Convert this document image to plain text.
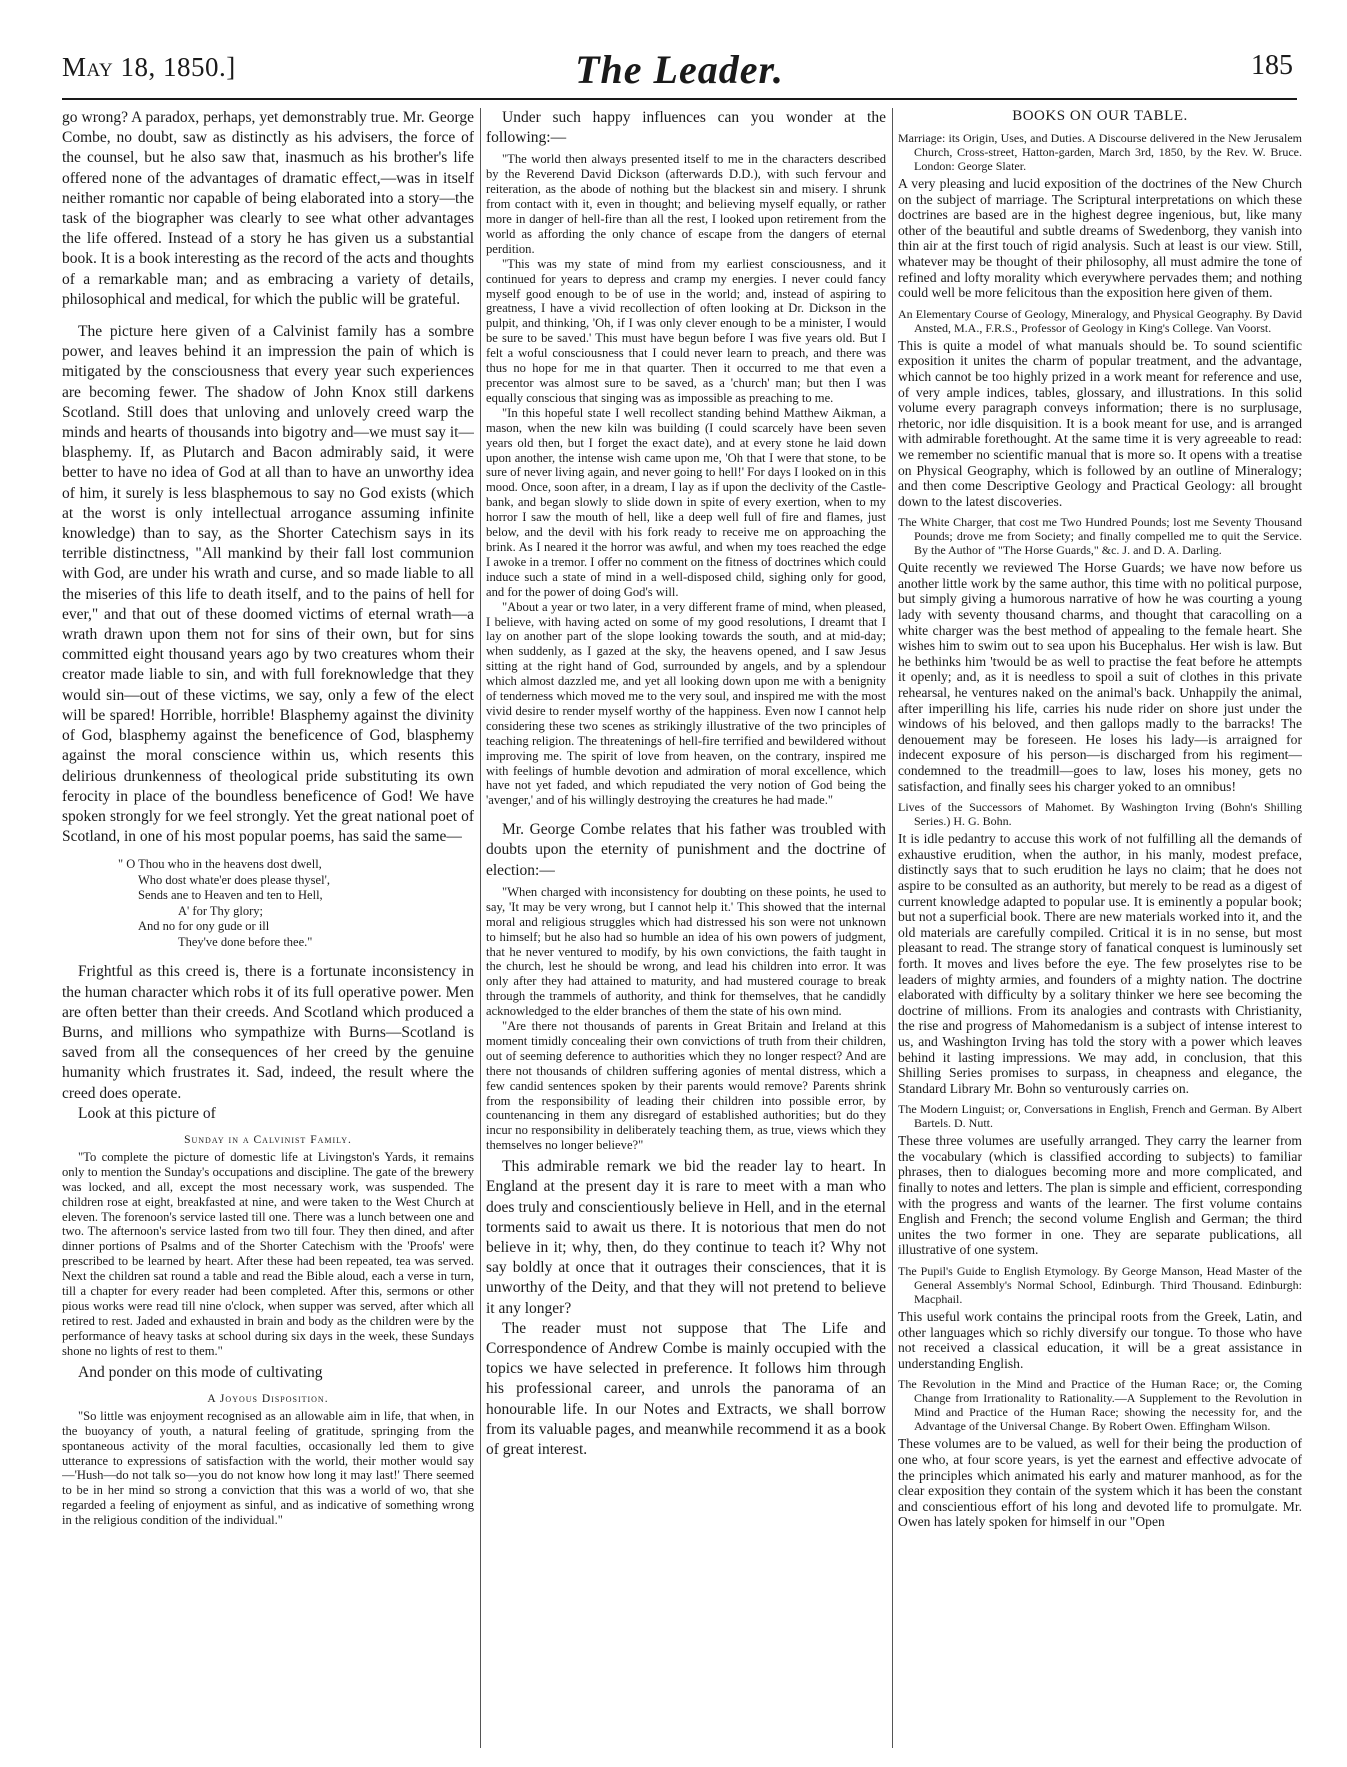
May 18, 1850.]	The Leader.	185

go wrong? A paradox, perhaps, yet demonstrably true. Mr. George Combe, no doubt, saw as distinctly as his advisers, the force of the counsel, but he also saw that, inasmuch as his brother's life offered none of the advantages of dramatic effect,—was in itself neither romantic nor capable of being elaborated into a story—the task of the biographer was clearly to see what other advantages the life offered. Instead of a story he has given us a substantial book. It is a book interesting as the record of the acts and thoughts of a remarkable man; and as embracing a variety of details, philosophical and medical, for which the public will be grateful.

The picture here given of a Calvinist family has a sombre power, and leaves behind it an impression the pain of which is mitigated by the consciousness that every year such experiences are becoming fewer. The shadow of John Knox still darkens Scotland. Still does that unloving and unlovely creed warp the minds and hearts of thousands into bigotry and—we must say it—blasphemy. If, as Plutarch and Bacon admirably said, it were better to have no idea of God at all than to have an unworthy idea of him, it surely is less blasphemous to say no God exists (which at the worst is only intellectual arrogance assuming infinite knowledge) than to say, as the Shorter Catechism says in its terrible distinctness, "All mankind by their fall lost communion with God, are under his wrath and curse, and so made liable to all the miseries of this life to death itself, and to the pains of hell for ever," and that out of these doomed victims of eternal wrath—a wrath drawn upon them not for sins of their own, but for sins committed eight thousand years ago by two creatures whom their creator made liable to sin, and with full foreknowledge that they would sin—out of these victims, we say, only a few of the elect will be spared! Horrible, horrible! Blasphemy against the divinity of God, blasphemy against the beneficence of God, blasphemy against the moral conscience within us, which resents this delirious drunkenness of theological pride substituting its own ferocity in place of the boundless beneficence of God! We have spoken strongly for we feel strongly. Yet the great national poet of Scotland, in one of his most popular poems, has said the same—

" O Thou who in the heavens dost dwell,
Who dost whate'er does please thysel',
Sends ane to Heaven and ten to Hell,
A' for Thy glory;
And no for ony gude or ill
They've done before thee."

Frightful as this creed is, there is a fortunate inconsistency in the human character which robs it of its full operative power. Men are often better than their creeds. And Scotland which produced a Burns, and millions who sympathize with Burns—Scotland is saved from all the consequences of her creed by the genuine humanity which frustrates it. Sad, indeed, the result where the creed does operate.

Look at this picture of

Sunday in a Calvinist Family.

"To complete the picture of domestic life at Livingston's Yards, it remains only to mention the Sunday's occupations and discipline. The gate of the brewery was locked, and all, except the most necessary work, was suspended. The children rose at eight, breakfasted at nine, and were taken to the West Church at eleven. The forenoon's service lasted till one. There was a lunch between one and two. The afternoon's service lasted from two till four. They then dined, and after dinner portions of Psalms and of the Shorter Catechism with the 'Proofs' were prescribed to be learned by heart. After these had been repeated, tea was served. Next the children sat round a table and read the Bible aloud, each a verse in turn, till a chapter for every reader had been completed. After this, sermons or other pious works were read till nine o'clock, when supper was served, after which all retired to rest. Jaded and exhausted in brain and body as the children were by the performance of heavy tasks at school during six days in the week, these Sundays shone no lights of rest to them."

And ponder on this mode of cultivating

A Joyous Disposition.

"So little was enjoyment recognised as an allowable aim in life, that when, in the buoyancy of youth, a natural feeling of gratitude, springing from the spontaneous activity of the moral faculties, occasionally led them to give utterance to expressions of satisfaction with the world, their mother would say—'Hush—do not talk so—you do not know how long it may last!' There seemed to be in her mind so strong a conviction that this was a world of wo, that she regarded a feeling of enjoyment as sinful, and as indicative of something wrong in the religious condition of the individual."

Under such happy influences can you wonder at the following:—

"The world then always presented itself to me in the characters described by the Reverend David Dickson (afterwards D.D.), with such fervour and reiteration, as the abode of nothing but the blackest sin and misery. I shrunk from contact with it, even in thought; and believing myself equally, or rather more in danger of hell-fire than all the rest, I looked upon retirement from the world as affording the only chance of escape from the dangers of eternal perdition.

"This was my state of mind from my earliest consciousness, and it continued for years to depress and cramp my energies. I never could fancy myself good enough to be of use in the world; and, instead of aspiring to greatness, I have a vivid recollection of often looking at Dr. Dickson in the pulpit, and thinking, 'Oh, if I was only clever enough to be a minister, I would be sure to be saved.' This must have begun before I was five years old. But I felt a woful consciousness that I could never learn to preach, and there was thus no hope for me in that quarter. Then it occurred to me that even a precentor was almost sure to be saved, as a 'church' man; but then I was equally conscious that singing was as impossible as preaching to me.

"In this hopeful state I well recollect standing behind Matthew Aikman, a mason, when the new kiln was building (I could scarcely have been seven years old then, but I forget the exact date), and at every stone he laid down upon another, the intense wish came upon me, 'Oh that I were that stone, to be sure of never living again, and never going to hell!' For days I looked on in this mood. Once, soon after, in a dream, I lay as if upon the declivity of the Castle-bank, and began slowly to slide down in spite of every exertion, when to my horror I saw the mouth of hell, like a deep well full of fire and flames, just below, and the devil with his fork ready to receive me on approaching the brink. As I neared it the horror was awful, and when my toes reached the edge I awoke in a tremor. I offer no comment on the fitness of doctrines which could induce such a state of mind in a well-disposed child, sighing only for good, and for the power of doing God's will.

"About a year or two later, in a very different frame of mind, when pleased, I believe, with having acted on some of my good resolutions, I dreamt that I lay on another part of the slope looking towards the south, and at mid-day; when suddenly, as I gazed at the sky, the heavens opened, and I saw Jesus sitting at the right hand of God, surrounded by angels, and by a splendour which almost dazzled me, and yet all looking down upon me with a benignity of tenderness which moved me to the very soul, and inspired me with the most vivid desire to render myself worthy of the happiness. Even now I cannot help considering these two scenes as strikingly illustrative of the two principles of teaching religion. The threatenings of hell-fire terrified and bewildered without improving me. The spirit of love from heaven, on the contrary, inspired me with feelings of humble devotion and admiration of moral excellence, which have not yet faded, and which repudiated the very notion of God being the 'avenger,' and of his willingly destroying the creatures he had made."

Mr. George Combe relates that his father was troubled with doubts upon the eternity of punishment and the doctrine of election:—

"When charged with inconsistency for doubting on these points, he used to say, 'It may be very wrong, but I cannot help it.' This showed that the internal moral and religious struggles which had distressed his son were not unknown to himself; but he also had so humble an idea of his own powers of judgment, that he never ventured to modify, by his own convictions, the faith taught in the church, lest he should be wrong, and lead his children into error. It was only after they had attained to maturity, and had mustered courage to break through the trammels of authority, and think for themselves, that he candidly acknowledged to the elder branches of them the state of his own mind.

"Are there not thousands of parents in Great Britain and Ireland at this moment timidly concealing their own convictions of truth from their children, out of seeming deference to authorities which they no longer respect? And are there not thousands of children suffering agonies of mental distress, which a few candid sentences spoken by their parents would remove? Parents shrink from the responsibility of leading their children into possible error, by countenancing in them any disregard of established authorities; but do they incur no responsibility in deliberately teaching them, as true, views which they themselves no longer believe?"

This admirable remark we bid the reader lay to heart. In England at the present day it is rare to meet with a man who does truly and conscientiously believe in Hell, and in the eternal torments said to await us there. It is notorious that men do not believe in it; why, then, do they continue to teach it? Why not say boldly at once that it outrages their consciences, that it is unworthy of the Deity, and that they will not pretend to believe it any longer?

The reader must not suppose that The Life and Correspondence of Andrew Combe is mainly occupied with the topics we have selected in preference. It follows him through his professional career, and unrols the panorama of an honourable life. In our Notes and Extracts, we shall borrow from its valuable pages, and meanwhile recommend it as a book of great interest.

BOOKS ON OUR TABLE.

Marriage: its Origin, Uses, and Duties. A Discourse delivered in the New Jerusalem Church, Cross-street, Hatton-garden, March 3rd, 1850, by the Rev. W. Bruce. London: George Slater.

A very pleasing and lucid exposition of the doctrines of the New Church on the subject of marriage. The Scriptural interpretations on which these doctrines are based are in the highest degree ingenious, but, like many other of the beautiful and subtle dreams of Swedenborg, they vanish into thin air at the first touch of rigid analysis. Such at least is our view. Still, whatever may be thought of their philosophy, all must admire the tone of refined and lofty morality which everywhere pervades them; and nothing could well be more felicitous than the exposition here given of them.

An Elementary Course of Geology, Mineralogy, and Physical Geography. By David Ansted, M.A., F.R.S., Professor of Geology in King's College. Van Voorst.

This is quite a model of what manuals should be. To sound scientific exposition it unites the charm of popular treatment, and the advantage, which cannot be too highly prized in a work meant for reference and use, of very ample indices, tables, glossary, and illustrations. In this solid volume every paragraph conveys information; there is no surplusage, rhetoric, nor idle disquisition. It is a book meant for use, and is arranged with admirable forethought. At the same time it is very agreeable to read: we remember no scientific manual that is more so. It opens with a treatise on Physical Geography, which is followed by an outline of Mineralogy; and then come Descriptive Geology and Practical Geology: all brought down to the latest discoveries.

The White Charger, that cost me Two Hundred Pounds; lost me Seventy Thousand Pounds; drove me from Society; and finally compelled me to quit the Service. By the Author of "The Horse Guards," &c. J. and D. A. Darling.

Quite recently we reviewed The Horse Guards; we have now before us another little work by the same author, this time with no political purpose, but simply giving a humorous narrative of how he was courting a young lady with seventy thousand charms, and thought that caracolling on a white charger was the best method of appealing to the female heart. She wishes him to swim out to sea upon his Bucephalus. Her wish is law. But he bethinks him 'twould be as well to practise the feat before he attempts it openly; and, as it is needless to spoil a suit of clothes in this private rehearsal, he ventures naked on the animal's back. Unhappily the animal, after imperilling his life, carries his nude rider on shore just under the windows of his beloved, and then gallops madly to the barracks! The denouement may be foreseen. He loses his lady—is arraigned for indecent exposure of his person—is discharged from his regiment—condemned to the treadmill—goes to law, loses his money, gets no satisfaction, and finally sees his charger yoked to an omnibus!

Lives of the Successors of Mahomet. By Washington Irving (Bohn's Shilling Series.) H. G. Bohn.

It is idle pedantry to accuse this work of not fulfilling all the demands of exhaustive erudition, when the author, in his manly, modest preface, distinctly says that to such erudition he lays no claim; that he does not aspire to be consulted as an authority, but merely to be read as a digest of current knowledge adapted to popular use. It is eminently a popular book; but not a superficial book. There are new materials worked into it, and the old materials are carefully compiled. Critical it is in no sense, but most pleasant to read. The strange story of fanatical conquest is luminously set forth. It moves and lives before the eye. The few proselytes rise to be leaders of mighty armies, and founders of a mighty nation. The doctrine elaborated with difficulty by a solitary thinker we here see becoming the doctrine of millions. From its analogies and contrasts with Christianity, the rise and progress of Mahomedanism is a subject of intense interest to us, and Washington Irving has told the story with a power which leaves behind it lasting impressions. We may add, in conclusion, that this Shilling Series promises to surpass, in cheapness and elegance, the Standard Library Mr. Bohn so venturously carries on.

The Modern Linguist; or, Conversations in English, French and German. By Albert Bartels. D. Nutt.

These three volumes are usefully arranged. They carry the learner from the vocabulary (which is classified according to subjects) to familiar phrases, then to dialogues becoming more and more complicated, and finally to notes and letters. The plan is simple and efficient, corresponding with the progress and wants of the learner. The first volume contains English and French; the second volume English and German; the third unites the two former in one. They are separate publications, all illustrative of one system.

The Pupil's Guide to English Etymology. By George Manson, Head Master of the General Assembly's Normal School, Edinburgh. Third Thousand. Edinburgh: Macphail.

This useful work contains the principal roots from the Greek, Latin, and other languages which so richly diversify our tongue. To those who have not received a classical education, it will be a great assistance in understanding English.

The Revolution in the Mind and Practice of the Human Race; or, the Coming Change from Irrationality to Rationality.—A Supplement to the Revolution in Mind and Practice of the Human Race; showing the necessity for, and the Advantage of the Universal Change. By Robert Owen. Effingham Wilson.

These volumes are to be valued, as well for their being the production of one who, at four score years, is yet the earnest and effective advocate of the principles which animated his early and maturer manhood, as for the clear exposition they contain of the system which it has been the constant and conscientious effort of his long and devoted life to promulgate. Mr. Owen has lately spoken for himself in our "Open
